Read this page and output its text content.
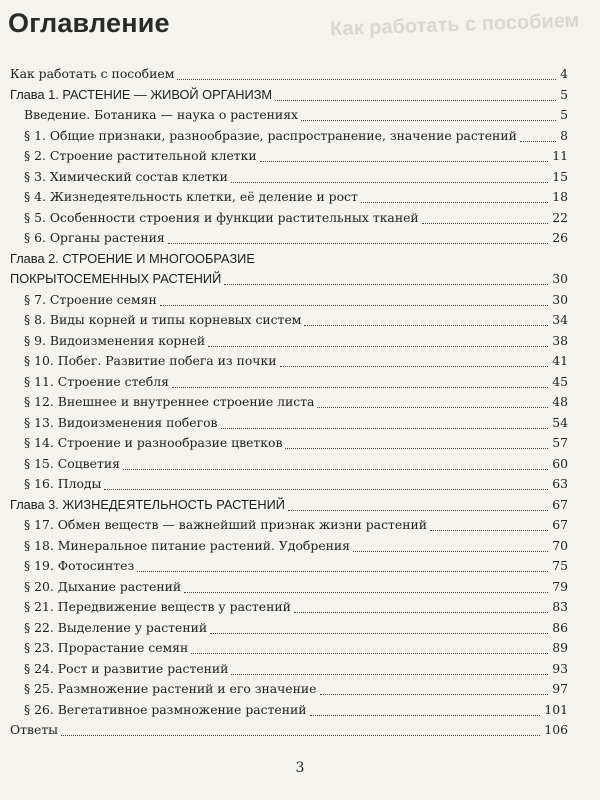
Как работать с пособием
Оглавление
Как работать с пособием	4
Глава 1. РАСТЕНИЕ — ЖИВОЙ ОРГАНИЗМ	5
Введение. Ботаника — наука о растениях	5
§ 1. Общие признаки, разнообразие, распространение, значение растений	8
§ 2. Строение растительной клетки	11
§ 3. Химический состав клетки	15
§ 4. Жизнедеятельность клетки, её деление и рост	18
§ 5. Особенности строения и функции растительных тканей	22
§ 6. Органы растения	26
Глава 2. СТРОЕНИЕ И МНОГООБРАЗИЕ
ПОКРЫТОСЕМЕННЫХ РАСТЕНИЙ	30
§ 7. Строение семян	30
§ 8. Виды корней и типы корневых систем	34
§ 9. Видоизменения корней	38
§ 10. Побег. Развитие побега из почки	41
§ 11. Строение стебля	45
§ 12. Внешнее и внутреннее строение листа	48
§ 13. Видоизменения побегов	54
§ 14. Строение и разнообразие цветков	57
§ 15. Соцветия	60
§ 16. Плоды	63
Глава 3. ЖИЗНЕДЕЯТЕЛЬНОСТЬ РАСТЕНИЙ	67
§ 17. Обмен веществ — важнейший признак жизни растений	67
§ 18. Минеральное питание растений. Удобрения	70
§ 19. Фотосинтез	75
§ 20. Дыхание растений	79
§ 21. Передвижение веществ у растений	83
§ 22. Выделение у растений	86
§ 23. Прорастание семян	89
§ 24. Рост и развитие растений	93
§ 25. Размножение растений и его значение	97
§ 26. Вегетативное размножение растений	101
Ответы	106
3
